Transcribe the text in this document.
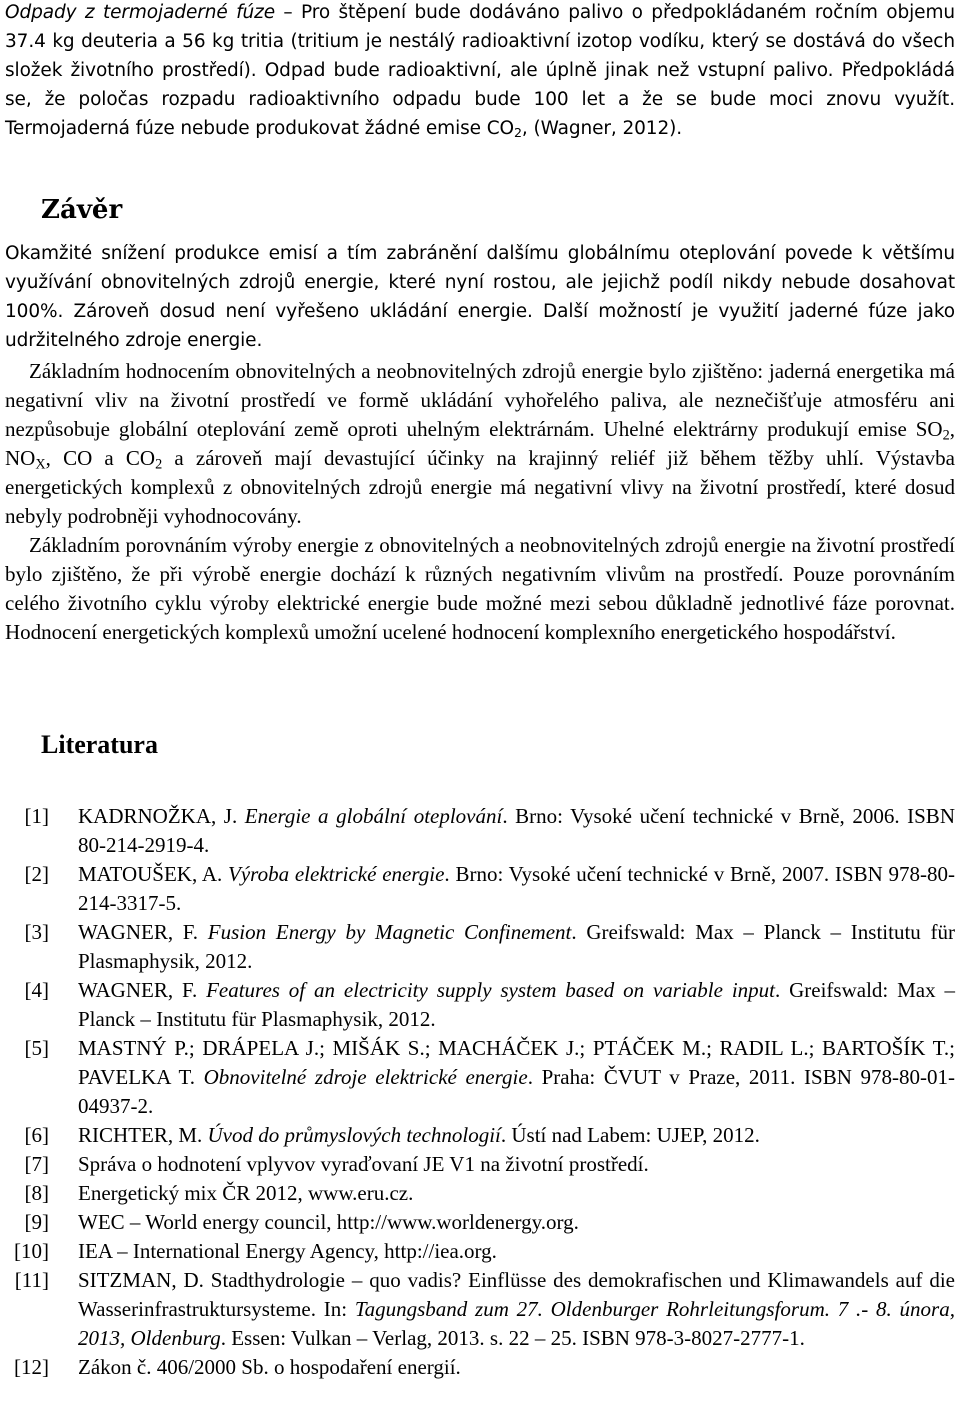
Odpady z termojaderné fúze – Pro štěpení bude dodáváno palivo o předpokládaném ročním objemu 37.4 kg deuteria a 56 kg tritia (tritium je nestálý radioaktivní izotop vodíku, který se dostává do všech složek životního prostředí). Odpad bude radioaktivní, ale úplně jinak než vstupní palivo. Předpokládá se, že poločas rozpadu radioaktivního odpadu bude 100 let a že se bude moci znovu využít. Termojaderná fúze nebude produkovat žádné emise $CO_2$, (Wagner, 2012).

Závěr

Okamžité snížení produkce emisí a tím zabránění dalšímu globálnímu oteplování povede k většímu využívání obnovitelných zdrojů energie, které nyní rostou, ale jejichž podíl nikdy nebude dosahovat 100%. Zároveň dosud není vyřešeno ukládání energie. Další možností je využití jaderné fúze jako udržitelného zdroje energie.

Základním hodnocením obnovitelných a neobnovitelných zdrojů energie bylo zjištěno: jaderná energetika má negativní vliv na životní prostředí ve formě ukládání vyhořelého paliva, ale neznečišťuje atmosféru ani nezpůsobuje globální oteplování země oproti uhelným elektrárnám. Uhelné elektrárny produkují emise $SO_2$, $NO_X$, CO a $CO_2$ a zároveň mají devastující účinky na krajinný reliéf již během těžby uhlí. Výstavba energetických komplexů z obnovitelných zdrojů energie má negativní vlivy na životní prostředí, které dosud nebyly podrobněji vyhodnocovány.

Základním porovnáním výroby energie z obnovitelných a neobnovitelných zdrojů energie na životní prostředí bylo zjištěno, že při výrobě energie dochází k různých negativním vlivům na prostředí. Pouze porovnáním celého životního cyklu výroby elektrické energie bude možné mezi sebou důkladně jednotlivé fáze porovnat. Hodnocení energetických komplexů umožní ucelené hodnocení komplexního energetického hospodářství.

Literatura
[1] KADRNOŽKA, J. Energie a globální oteplování. Brno: Vysoké učení technické v Brně, 2006. ISBN 80-214-2919-4.
[2] MATOUŠEK, A. Výroba elektrické energie. Brno: Vysoké učení technické v Brně, 2007. ISBN 978-80-214-3317-5.
[3] WAGNER, F. Fusion Energy by Magnetic Confinement. Greifswald: Max – Planck – Institutu für Plasmaphysik, 2012.
[4] WAGNER, F. Features of an electricity supply system based on variable input. Greifswald: Max – Planck – Institutu für Plasmaphysik, 2012.
[5] MASTNÝ P.; DRÁPELA J.; MIŠÁK S.; MACHÁČEK J.; PTÁČEK M.; RADIL L.; BARTOŠÍK T.; PAVELKA T. Obnovitelné zdroje elektrické energie. Praha: ČVUT v Praze, 2011. ISBN 978-80-01-04937-2.
[6] RICHTER, M. Úvod do průmyslových technologií. Ústí nad Labem: UJEP, 2012.
[7] Správa o hodnotení vplyvov vyraďovaní JE V1 na životní prostředí.
[8] Energetický mix ČR 2012, www.eru.cz.
[9] WEC – World energy council, http://www.worldenergy.org.
[10] IEA – International Energy Agency, http://iea.org.
[11] SITZMAN, D. Stadthydrologie – quo vadis? Einflüsse des demokrafischen und Klimawandels auf die Wasserinfrastruktursysteme. In: Tagungsband zum 27. Oldenburger Rohrleitungsforum. 7 .- 8. února, 2013, Oldenburg. Essen: Vulkan – Verlag, 2013. s. 22 – 25. ISBN 978-3-8027-2777-1.
[12] Zákon č. 406/2000 Sb. o hospodaření energií.
